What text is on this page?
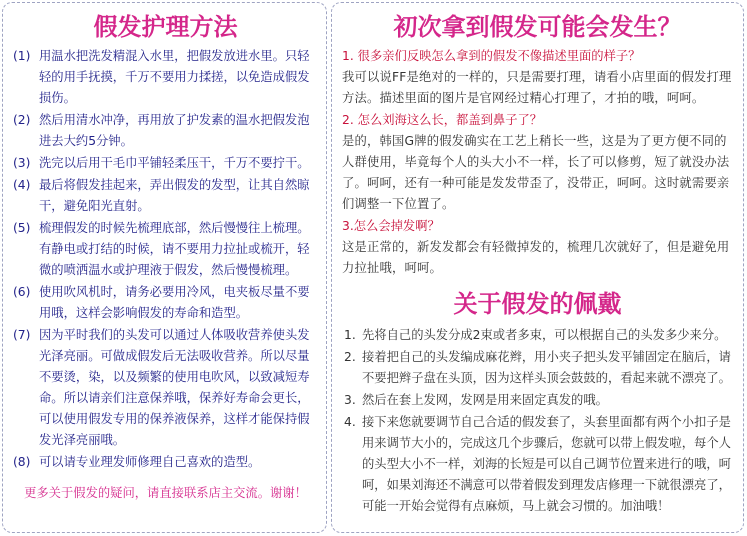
假发护理方法
(1) 用温水把洗发精混入水里，把假发放进水里。只轻轻的用手抚摸，千万不要用力揉搓，以免造成假发损伤。
(2) 然后用清水冲净，再用放了护发素的温水把假发泡进去大约5分钟。
(3) 洗完以后用干毛巾平铺轻柔压干，千万不要拧干。
(4) 最后将假发挂起来，弄出假发的发型，让其自然晾干，避免阳光直射。
(5) 梳理假发的时候先梳理底部，然后慢慢往上梳理。有静电或打结的时候，请不要用力拉扯或梳开，轻微的喷洒温水或护理液于假发，然后慢慢梳理。
(6) 使用吹风机时，请务必要用冷风，电夹板尽量不要用哦，这样会影响假发的寿命和造型。
(7) 因为平时我们的头发可以通过人体吸收营养使头发光泽亮丽。可做成假发后无法吸收营养。所以尽量不要烫，染，以及频繁的使用电吹风，以致减短寿命。所以请亲们注意保养哦，保养好寿命会更长，可以使用假发专用的保养液保养，这样才能保持假发光泽亮丽哦。
(8) 可以请专业理发师修理自己喜欢的造型。
更多关于假发的疑问，请直接联系店主交流。谢谢！
初次拿到假发可能会发生？
1. 很多亲们反映怎么拿到的假发不像描述里面的样子？
我可以说FF是绝对的一样的，只是需要打理，请看小店里面的假发打理方法。描述里面的图片是官网经过精心打理了，才拍的哦，呵呵。
2. 怎么刘海这么长，都盖到鼻子了？
是的，韩国G牌的假发确实在工艺上稍长一些，这是为了更方便不同的人群使用，毕竟每个人的头大小不一样，长了可以修剪，短了就没办法了。呵呵，还有一种可能是发发带歪了，没带正，呵呵。这时就需要亲们调整一下位置了。
3.怎么会掉发啊？
这是正常的，新发发都会有轻微掉发的，梳理几次就好了，但是避免用力拉扯哦，呵呵。
关于假发的佩戴
1. 先将自己的头发分成2束或者多束，可以根据自己的头发多少来分。
2. 接着把自己的头发编成麻花辫，用小夹子把头发平铺固定在脑后，请不要把辫子盘在头顶，因为这样头顶会鼓鼓的，看起来就不漂亮了。
3. 然后在套上发网，发网是用来固定真发的哦。
4. 接下来您就要调节自己合适的假发套了，头套里面都有两个小扣子是用来调节大小的，完成这几个步骤后，您就可以带上假发啦，每个人的头型大小不一样，刘海的长短是可以自己调节位置来进行的哦，呵呵，如果刘海还不满意可以带着假发到理发店修理一下就很漂亮了，可能一开始会觉得有点麻烦，马上就会习惯的。加油哦！
